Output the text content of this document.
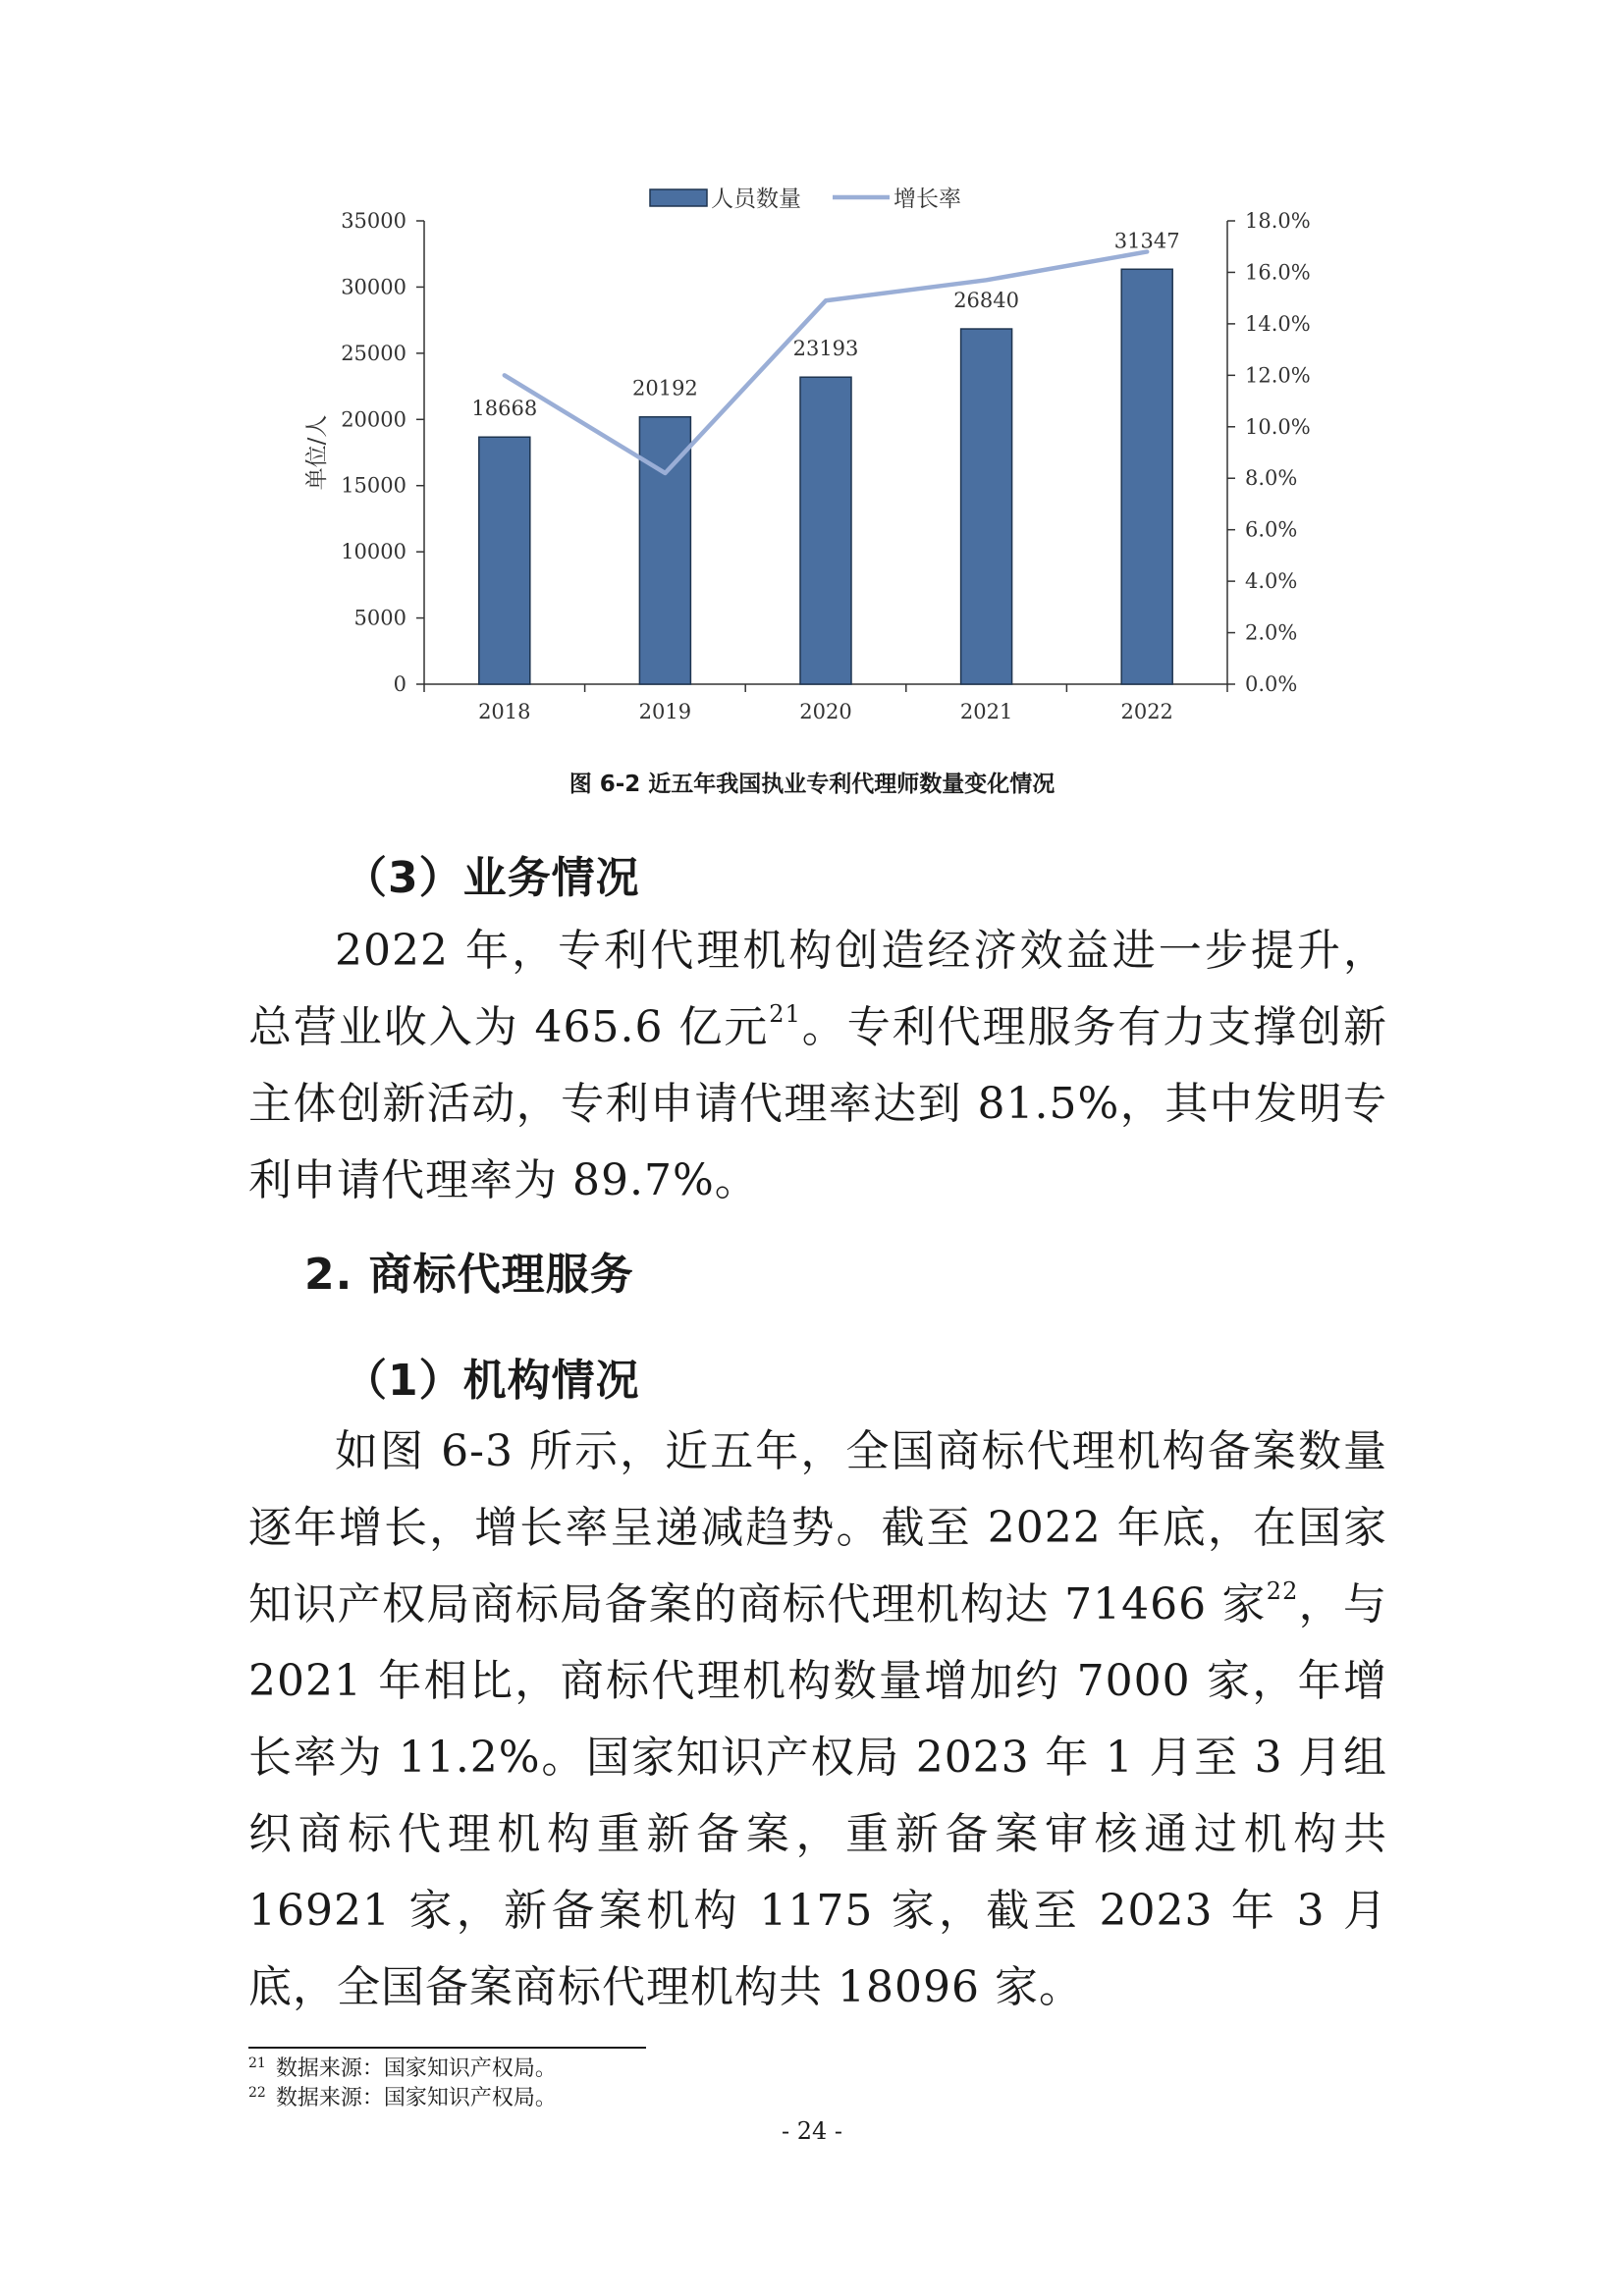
人员数量	增长率
0
5000
10000
15000
20000
25000
30000
35000
0.0%
2.0%
4.0%
6.0%
8.0%
10.0%
12.0%
14.0%
16.0%
18.0%
2018	2019	2020	2021	2022
单位/人
18668
20192
23193
26840
31347
图 6-2 近五年我国执业专利代理师数量变化情况
（3）业务情况

2022 年，专利代理机构创造经济效益进一步提升，总营业收入为 465.6 亿元$^{21}$。专利代理服务有力支撑创新主体创新活动，专利申请代理率达到 81.5%，其中发明专利申请代理率为 89.7%。

2. 商标代理服务
（1）机构情况

如图 6-3 所示，近五年，全国商标代理机构备案数量逐年增长，增长率呈递减趋势。截至 2022 年底，在国家知识产权局商标局备案的商标代理机构达 71466 家$^{22}$，与 2021 年相比，商标代理机构数量增加约 7000 家，年增长率为 11.2%。国家知识产权局 2023 年 1 月至 3 月组织商标代理机构重新备案，重新备案审核通过机构共 16921 家，新备案机构 1175 家，截至 2023 年 3 月底，全国备案商标代理机构共 18096 家。

$^{21}$ 数据来源：国家知识产权局。
$^{22}$ 数据来源：国家知识产权局。
- 24 -
